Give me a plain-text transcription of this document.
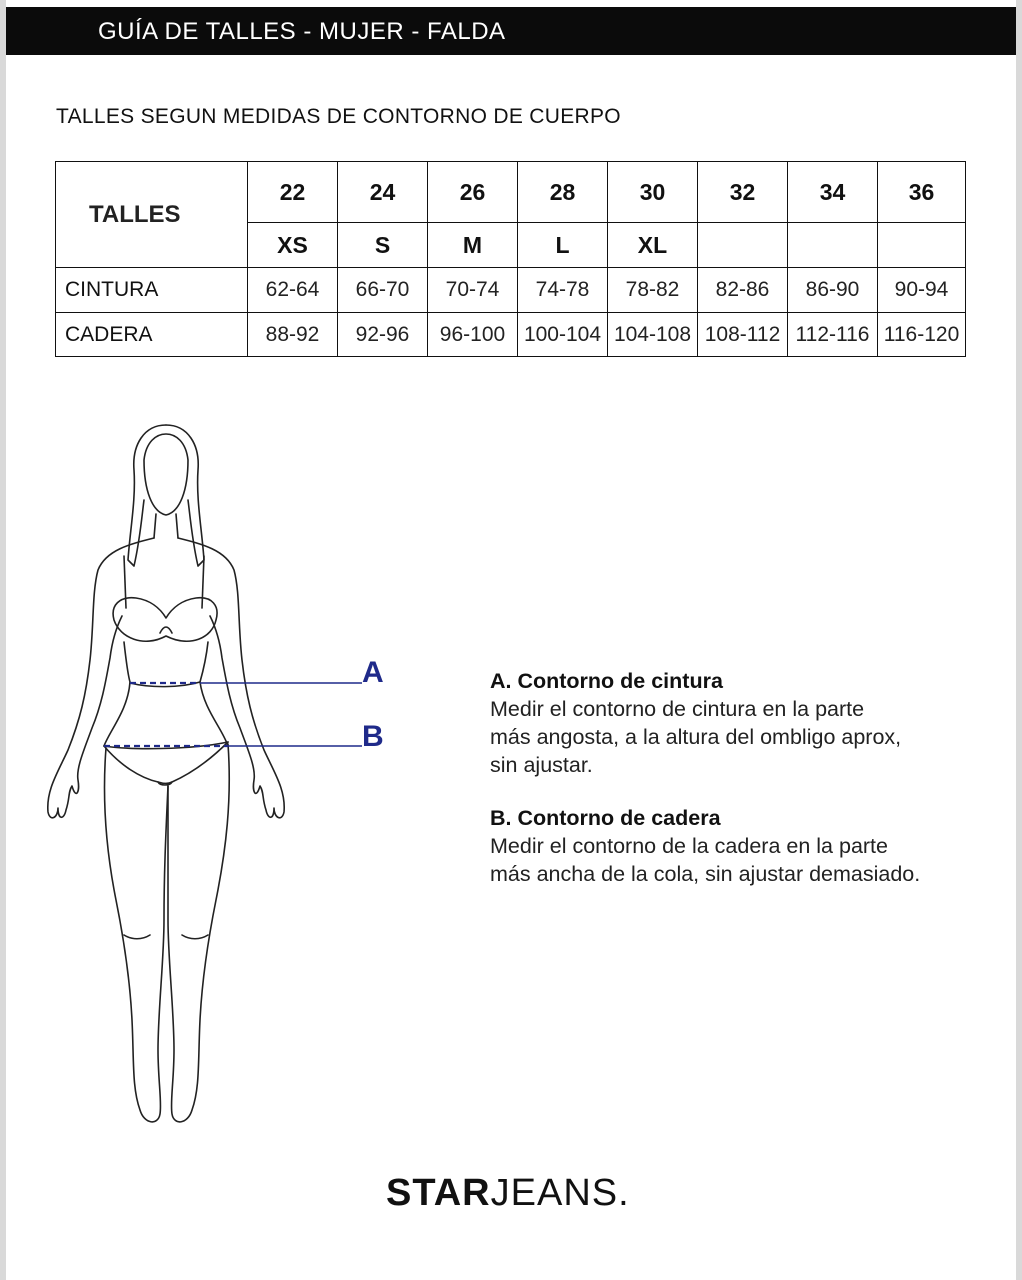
GUÍA DE TALLES - MUJER - FALDA
TALLES SEGUN MEDIDAS DE CONTORNO DE CUERPO
TALLES	22	24	26	28	30	32	34	36
	XS	S	M	L	XL			
CINTURA	62-64	66-70	70-74	74-78	78-82	82-86	86-90	90-94
CADERA	88-92	92-96	96-100	100-104	104-108	108-112	112-116	116-120
A
B
A. Contorno de cintura
Medir el contorno de cintura en la parte
más angosta, a la altura del ombligo aprox,
sin ajustar.
B. Contorno de cadera
Medir el contorno de la cadera en la parte
más ancha de la cola, sin ajustar demasiado.
STARJEANS.
